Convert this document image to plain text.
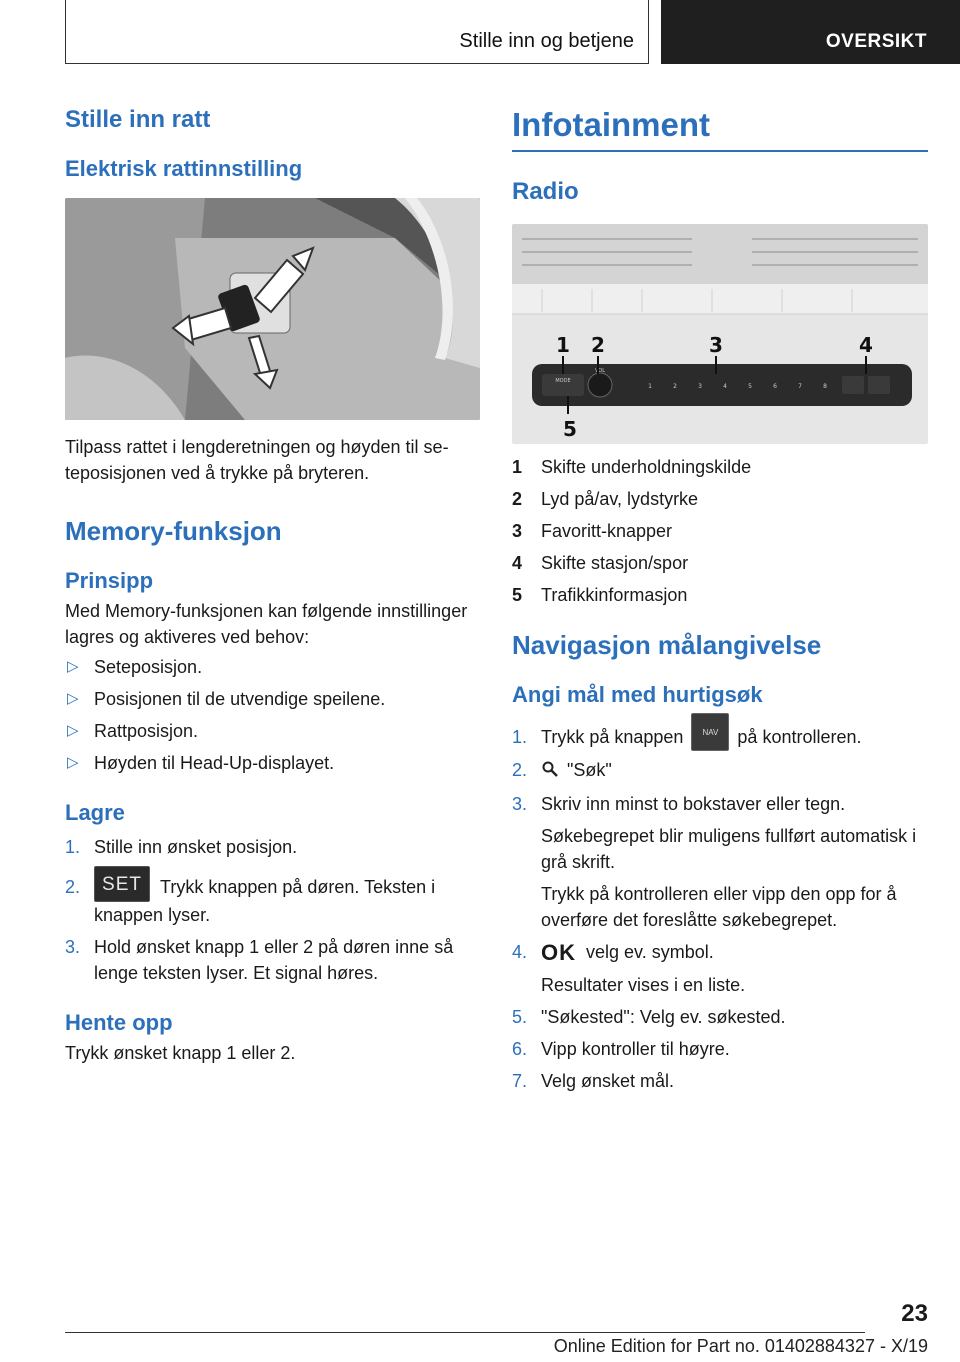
Stille inn og betjene	OVERSIKT
Stille inn ratt
Elektrisk rattinnstilling

Tilpass rattet i lengderetningen og høyden til seteposisjonen ved å trykke på bryteren.

Memory-funksjon
Prinsipp

Med Memory-funksjonen kan følgende innstillinger lagres og aktiveres ved behov:

▷ Seteposisjon.
▷ Posisjonen til de utvendige speilene.
▷ Rattposisjon.
▷ Høyden til Head-Up-displayet.
Lagre
1. Stille inn ønsket posisjon.
2. SET Trykk knappen på døren. Teksten i knappen lyser.
3. Hold ønsket knapp 1 eller 2 på døren inne så lenge teksten lyser. Et signal høres.
Hente opp

Trykk ønsket knapp 1 eller 2.

Infotainment
Radio
MODE
VOL
1	2	3	4	5	6	7	8
1 2	3	4
5
1 Skifte underholdningskilde
2 Lyd på/av, lydstyrke
3 Favoritt-knapper
4 Skifte stasjon/spor
5 Trafikkinformasjon
Navigasjon målangivelse
Angi mål med hurtigsøk
1. Trykk på knappen NAV på kontrolleren.
2. "Søk"
3. Skriv inn minst to bokstaver eller tegn.
Søkebegrepet blir muligens fullført automatisk i grå skrift.
Trykk på kontrolleren eller vipp den opp for å overføre det foreslåtte søkebegrepet.
4. OK velg ev. symbol.
Resultater vises i en liste.
5. "Søkested": Velg ev. søkested.
6. Vipp kontroller til høyre.
7. Velg ønsket mål.
23
Online Edition for Part no. 01402884327 - X/19
